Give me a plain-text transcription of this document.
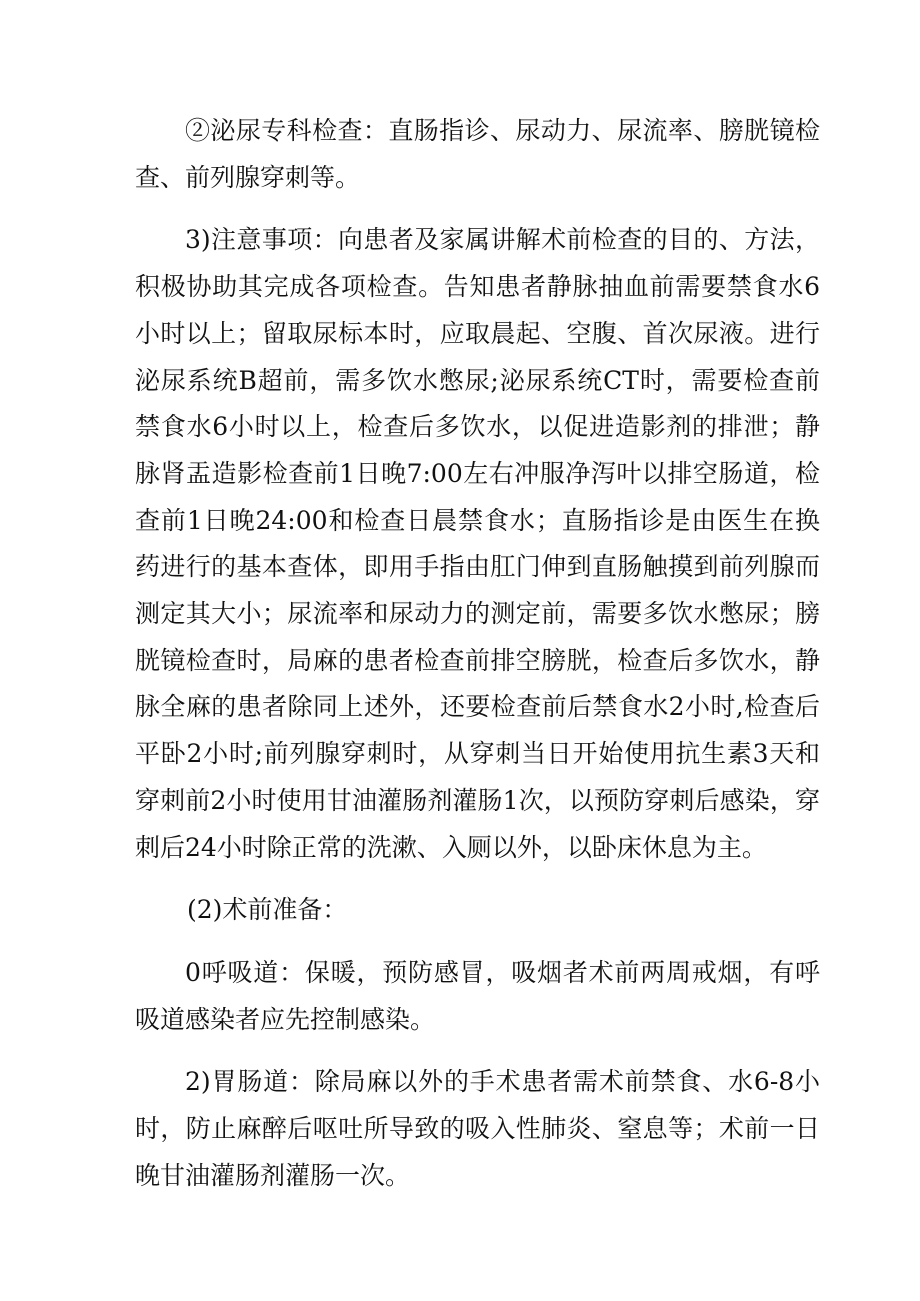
②泌尿专科检查：直肠指诊、尿动力、尿流率、膀胱镜检查、前列腺穿刺等。

3)注意事项：向患者及家属讲解术前检查的目的、方法，积极协助其完成各项检查。告知患者静脉抽血前需要禁食水6小时以上；留取尿标本时，应取晨起、空腹、首次尿液。进行泌尿系统B超前，需多饮水憋尿;泌尿系统CT时，需要检查前禁食水6小时以上，检查后多饮水，以促进造影剂的排泄；静脉肾盂造影检查前1日晚7:00左右冲服净泻叶以排空肠道，检查前1日晚24:00和检查日晨禁食水；直肠指诊是由医生在换药进行的基本查体，即用手指由肛门伸到直肠触摸到前列腺而测定其大小；尿流率和尿动力的测定前，需要多饮水憋尿；膀胱镜检查时，局麻的患者检查前排空膀胱，检查后多饮水，静脉全麻的患者除同上述外，还要检查前后禁食水2小时,检查后平卧2小时;前列腺穿刺时，从穿刺当日开始使用抗生素3天和穿刺前2小时使用甘油灌肠剂灌肠1次，以预防穿刺后感染，穿刺后24小时除正常的洗漱、入厕以外，以卧床休息为主。

(2)术前准备：

0呼吸道：保暖，预防感冒，吸烟者术前两周戒烟，有呼吸道感染者应先控制感染。

2)胃肠道：除局麻以外的手术患者需术前禁食、水6-8小时，防止麻醉后呕吐所导致的吸入性肺炎、窒息等；术前一日晚甘油灌肠剂灌肠一次。
